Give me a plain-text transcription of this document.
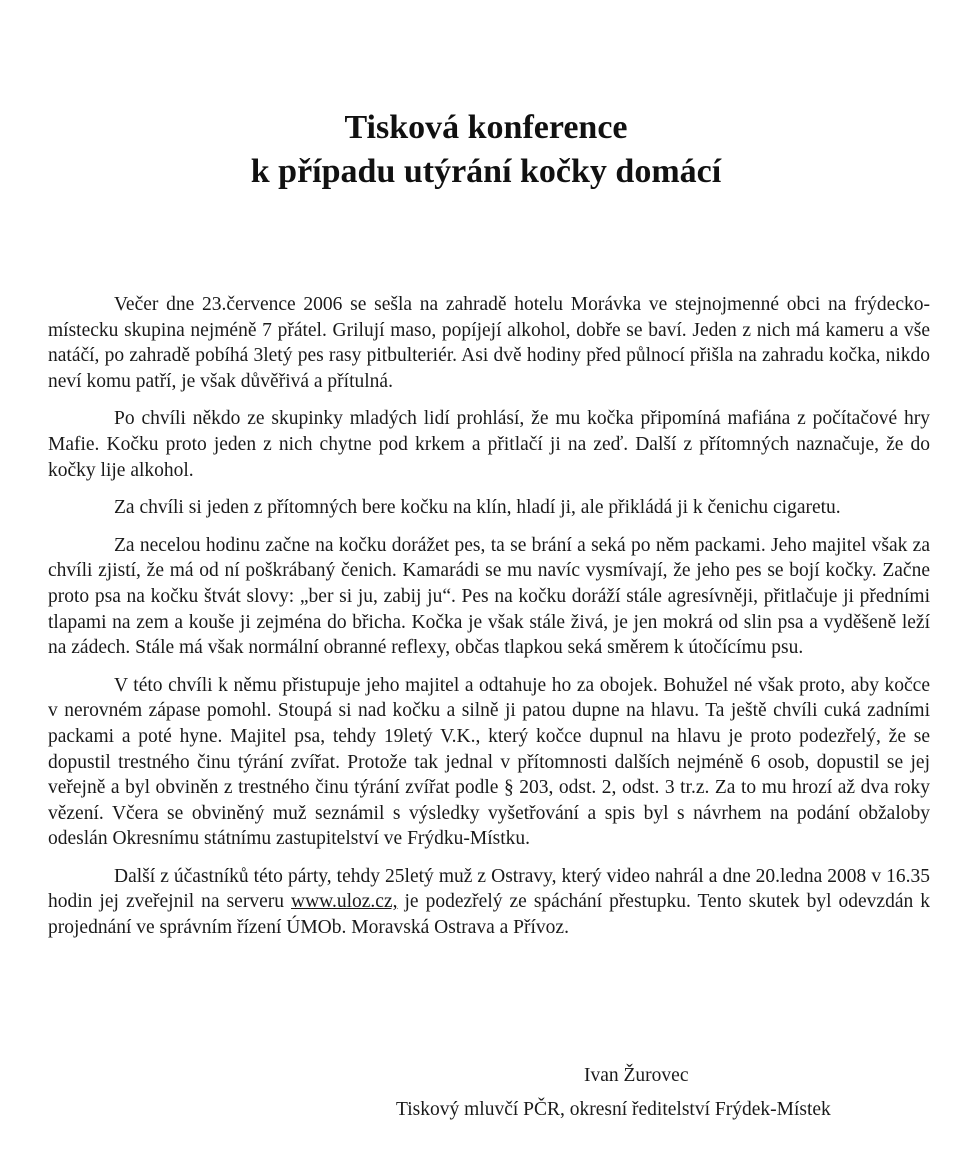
Tisková konference
k případu utýrání kočky domácí

Večer dne 23.července 2006 se sešla na zahradě hotelu Morávka ve stejnojmenné obci na frýdecko-místecku skupina nejméně 7 přátel. Grilují maso, popíjejí alkohol, dobře se baví. Jeden z nich má kameru a vše natáčí, po zahradě pobíhá 3letý pes rasy pitbulteriér. Asi dvě hodiny před půlnocí přišla na zahradu kočka, nikdo neví komu patří, je však důvěřivá a přítulná.

Po chvíli někdo ze skupinky mladých lidí prohlásí, že mu kočka připomíná mafiána z počítačové hry Mafie. Kočku proto jeden z nich chytne pod krkem a přitlačí ji na zeď. Další z přítomných naznačuje, že do kočky lije alkohol.

Za chvíli si jeden z přítomných bere kočku na klín, hladí ji, ale přikládá ji k čenichu cigaretu.

Za necelou hodinu začne na kočku dorážet pes, ta se brání a seká po něm packami. Jeho majitel však za chvíli zjistí, že má od ní poškrábaný čenich. Kamarádi se mu navíc vysmívají, že jeho pes se bojí kočky. Začne proto psa na kočku štvát slovy: „ber si ju, zabij ju“. Pes na kočku doráží stále agresívněji, přitlačuje ji předními tlapami na zem a kouše ji zejména do břicha. Kočka je však stále živá, je jen mokrá od slin psa a vyděšeně leží na zádech. Stále má však normální obranné reflexy, občas tlapkou seká směrem k útočícímu psu.

V této chvíli k němu přistupuje jeho majitel a odtahuje ho za obojek. Bohužel né však proto, aby kočce v nerovném zápase pomohl. Stoupá si nad kočku a silně ji patou dupne na hlavu. Ta ještě chvíli cuká zadními packami a poté hyne. Majitel psa, tehdy 19letý V.K., který kočce dupnul na hlavu je proto podezřelý, že se dopustil trestného činu týrání zvířat. Protože tak jednal v přítomnosti dalších nejméně 6 osob, dopustil se jej veřejně a byl obviněn z trestného činu týrání zvířat podle § 203, odst. 2, odst. 3 tr.z. Za to mu hrozí až dva roky vězení. Včera se obviněný muž seznámil s výsledky vyšetřování a spis byl s návrhem na podání obžaloby odeslán Okresnímu státnímu zastupitelství ve Frýdku-Místku.

Další z účastníků této párty, tehdy 25letý muž z Ostravy, který video nahrál a dne 20.ledna 2008 v 16.35 hodin jej zveřejnil na serveru www.uloz.cz, je podezřelý ze spáchání přestupku. Tento skutek byl odevzdán k projednání ve správním řízení ÚMOb. Moravská Ostrava a Přívoz.

Ivan Žurovec
Tiskový mluvčí PČR, okresní ředitelství Frýdek-Místek
